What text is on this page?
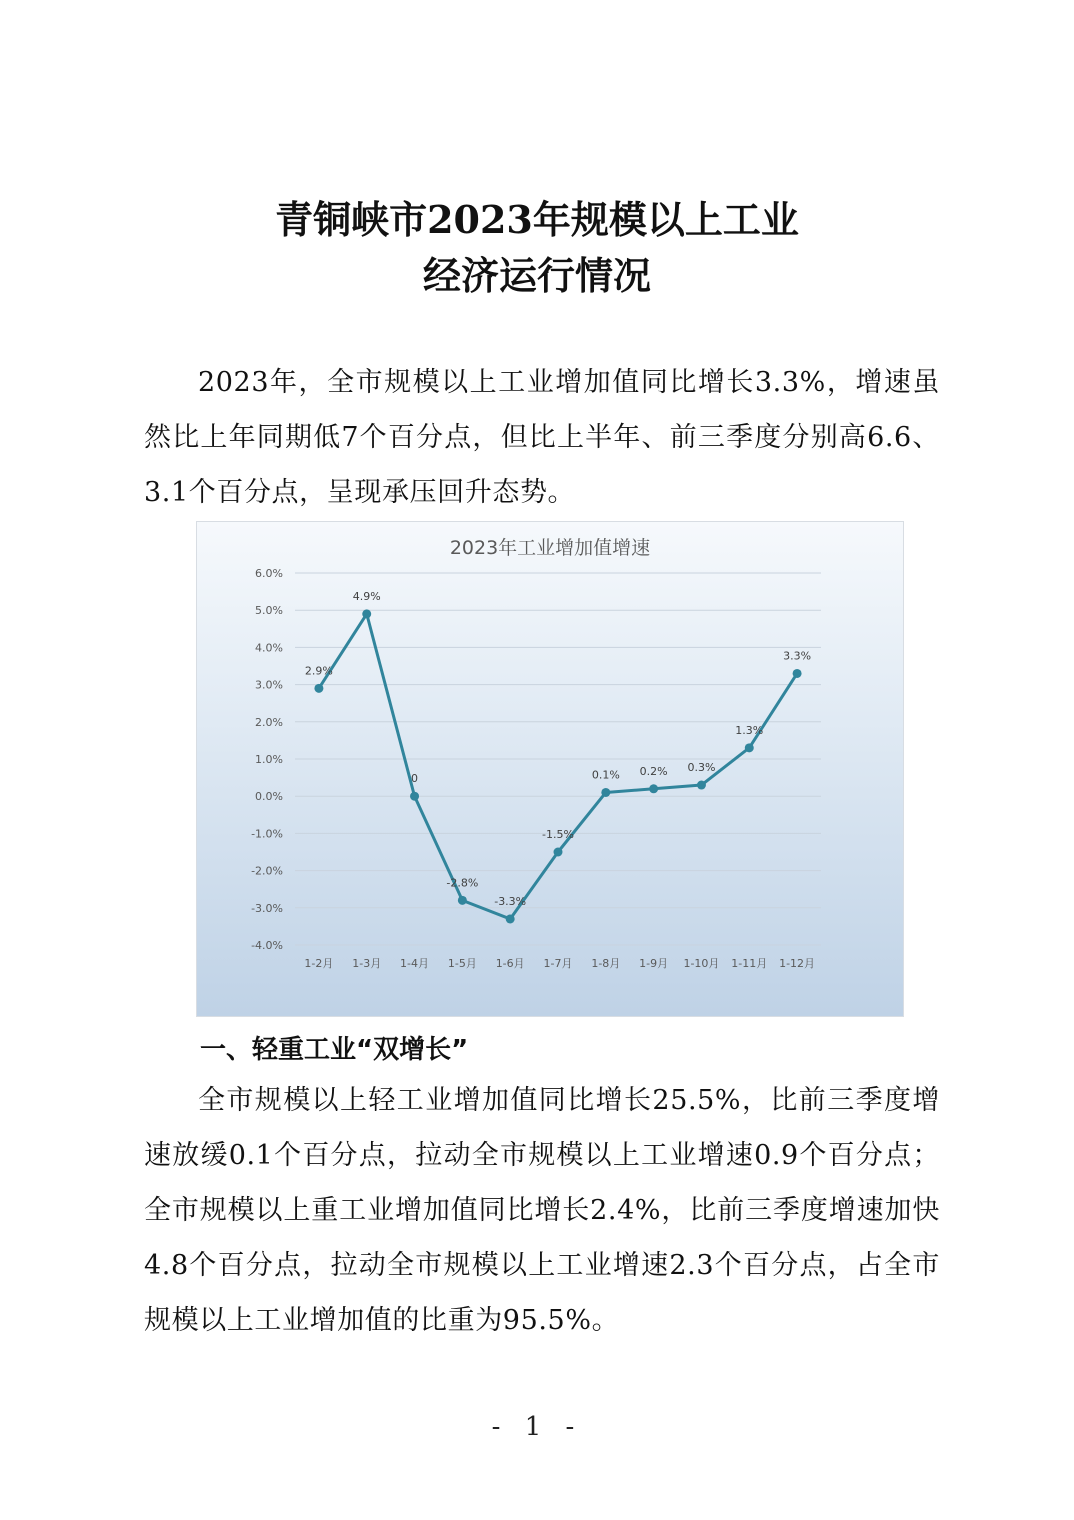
青铜峡市2023年规模以上工业
经济运行情况

2023年，全市规模以上工业增加值同比增长3.3%，增速虽然比上年同期低7个百分点，但比上半年、前三季度分别高6.6、3.1个百分点，呈现承压回升态势。

2023年工业增加值增速
6.0%
5.0%
4.0%
3.0%
2.0%
1.0%
0.0%
-1.0%
-2.0%
-3.0%
-4.0%
1-2月 1-3月 1-4月 1-5月 1-6月 1-7月 1-8月 1-9月 1-10月 1-11月 1-12月
2.9%
4.9%
0
-2.8%
-3.3%
-1.5%
0.1% 0.2% 0.3%
1.3%
3.3%
一、轻重工业“双增长”

全市规模以上轻工业增加值同比增长25.5%，比前三季度增速放缓0.1个百分点，拉动全市规模以上工业增速0.9个百分点；全市规模以上重工业增加值同比增长2.4%，比前三季度增速加快4.8个百分点，拉动全市规模以上工业增速2.3个百分点，占全市规模以上工业增加值的比重为95.5%。

- 1 -
